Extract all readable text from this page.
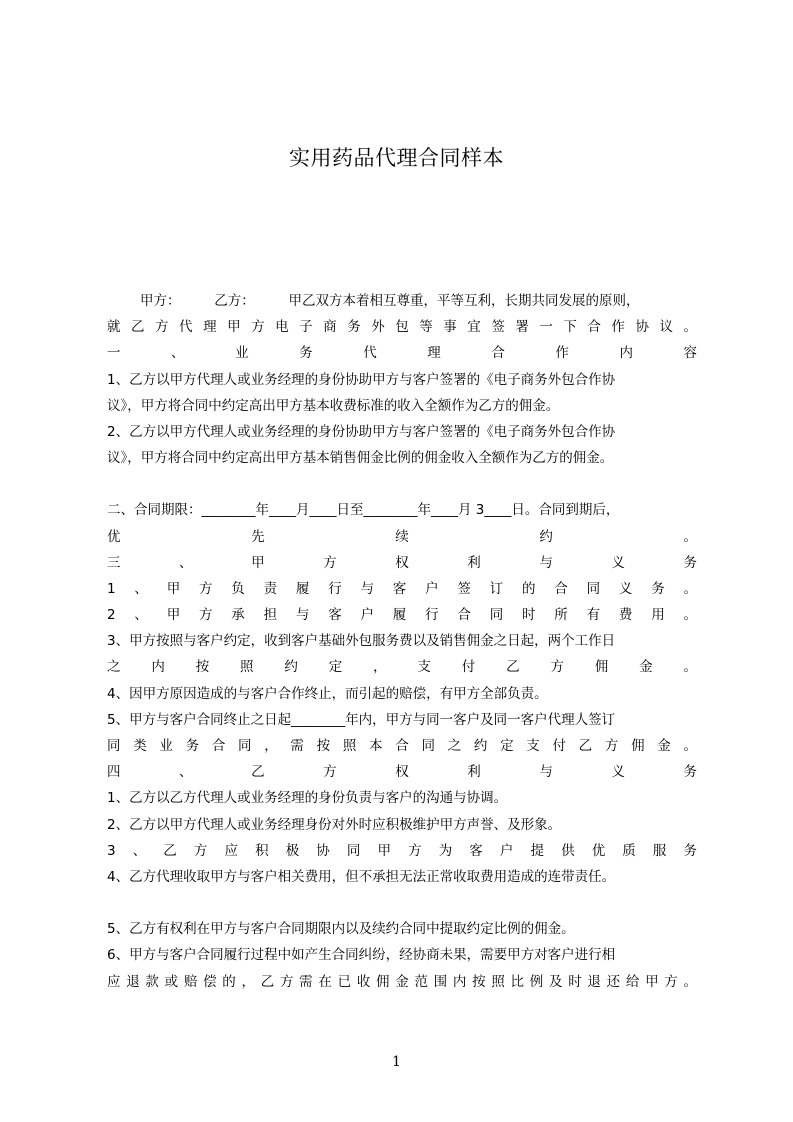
实用药品代理合同样本
甲方：　　　乙方：　　　甲乙双方本着相互尊重，平等互利，长期共同发展的原则，
就乙方代理甲方电子商务外包等事宜签署一下合作协议。
一、业务代理合作内容
1、乙方以甲方代理人或业务经理的身份协助甲方与客户签署的《电子商务外包合作协
议》，甲方将合同中约定高出甲方基本收费标准的收入全额作为乙方的佣金。
2、乙方以甲方代理人或业务经理的身份协助甲方与客户签署的《电子商务外包合作协
议》，甲方将合同中约定高出甲方基本销售佣金比例的佣金收入全额作为乙方的佣金。
二、合同期限：________年____月____日至________年____月 3____日。合同到期后，
优先续约。
三、甲方权利与义务
1、甲方负责履行与客户签订的合同义务。
2、甲方承担与客户履行合同时所有费用。
3、甲方按照与客户约定，收到客户基础外包服务费以及销售佣金之日起，两个工作日
之内按照约定，支付乙方佣金。
4、因甲方原因造成的与客户合作终止，而引起的赔偿，有甲方全部负责。
5、甲方与客户合同终止之日起________年内，甲方与同一客户及同一客户代理人签订
同类业务合同，需按照本合同之约定支付乙方佣金。
四、乙方权利与义务
1、乙方以乙方代理人或业务经理的身份负责与客户的沟通与协调。
2、乙方以甲方代理人或业务经理身份对外时应积极维护甲方声誉、及形象。
3、乙方应积极协同甲方为客户提供优质服务
4、乙方代理收取甲方与客户相关费用，但不承担无法正常收取费用造成的连带责任。
5、乙方有权利在甲方与客户合同期限内以及续约合同中提取约定比例的佣金。
6、甲方与客户合同履行过程中如产生合同纠纷，经协商未果，需要甲方对客户进行相
应退款或赔偿的，乙方需在已收佣金范围内按照比例及时退还给甲方。
1
